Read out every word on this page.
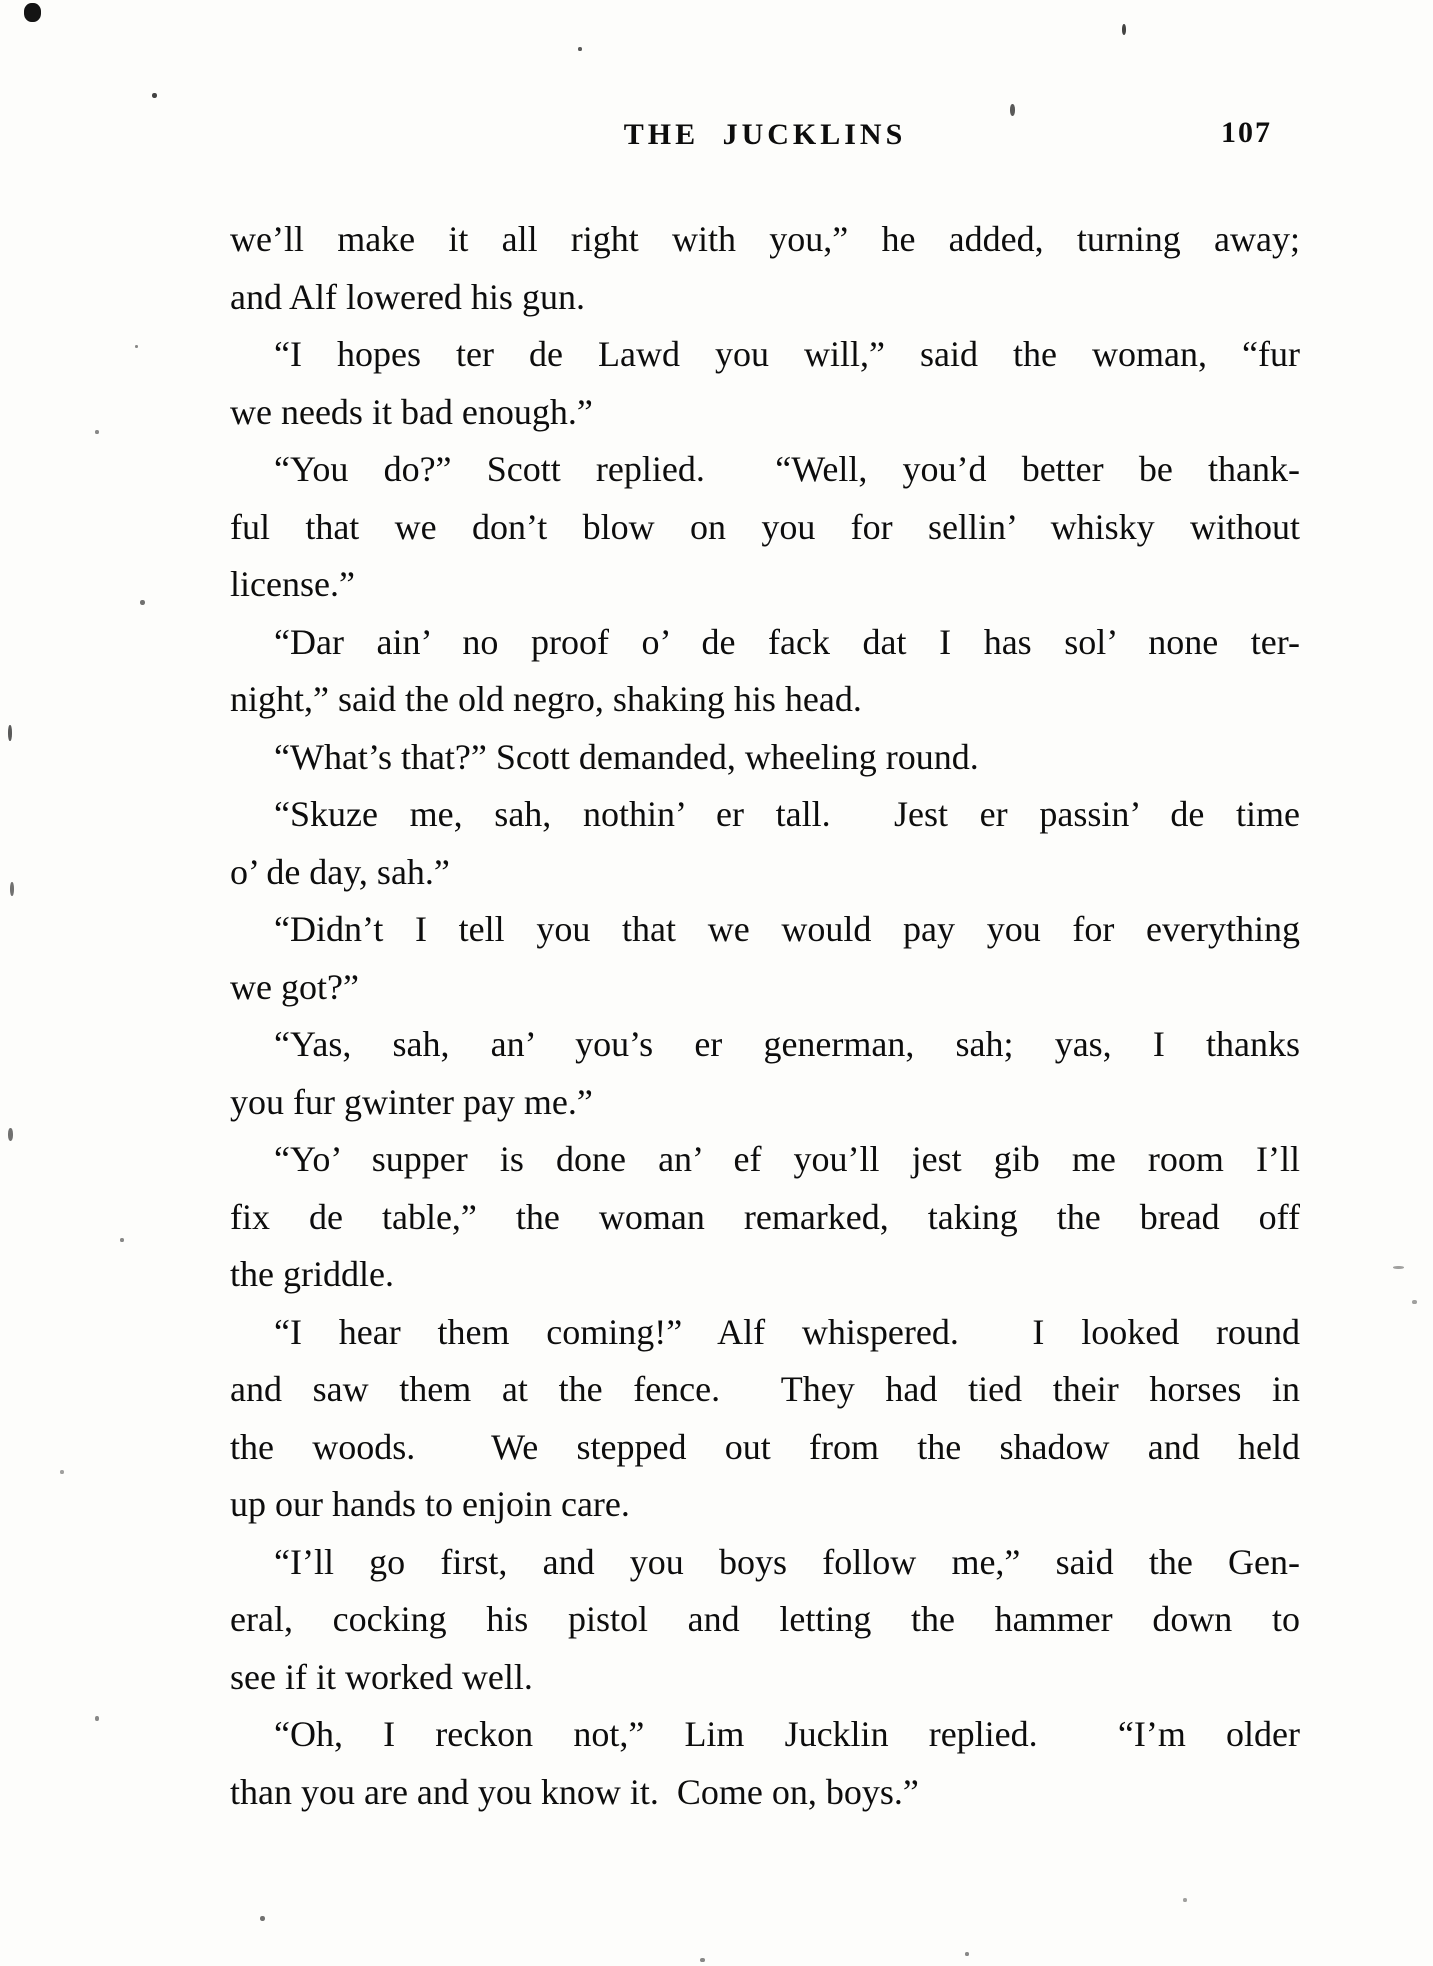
THE JUCKLINS	107
we’ll make it all right with you,” he added, turning away;
and Alf lowered his gun.
“I hopes ter de Lawd you will,” said the woman, “fur
we needs it bad enough.”
“You do?” Scott replied.  “Well, you’d better be thank-
ful that we don’t blow on you for sellin’ whisky without
license.”
“Dar ain’ no proof o’ de fack dat I has sol’ none ter-
night,” said the old negro, shaking his head.
“What’s that?” Scott demanded, wheeling round.
“Skuze me, sah, nothin’ er tall.  Jest er passin’ de time
o’ de day, sah.”
“Didn’t I tell you that we would pay you for everything
we got?”
“Yas, sah, an’ you’s er generman, sah; yas, I thanks
you fur gwinter pay me.”
“Yo’ supper is done an’ ef you’ll jest gib me room I’ll
fix de table,” the woman remarked, taking the bread off
the griddle.
“I hear them coming!” Alf whispered.  I looked round
and saw them at the fence.  They had tied their horses in
the woods.  We stepped out from the shadow and held
up our hands to enjoin care.
“I’ll go first, and you boys follow me,” said the Gen-
eral, cocking his pistol and letting the hammer down to
see if it worked well.
“Oh, I reckon not,” Lim Jucklin replied.  “I’m older
than you are and you know it.  Come on, boys.”
